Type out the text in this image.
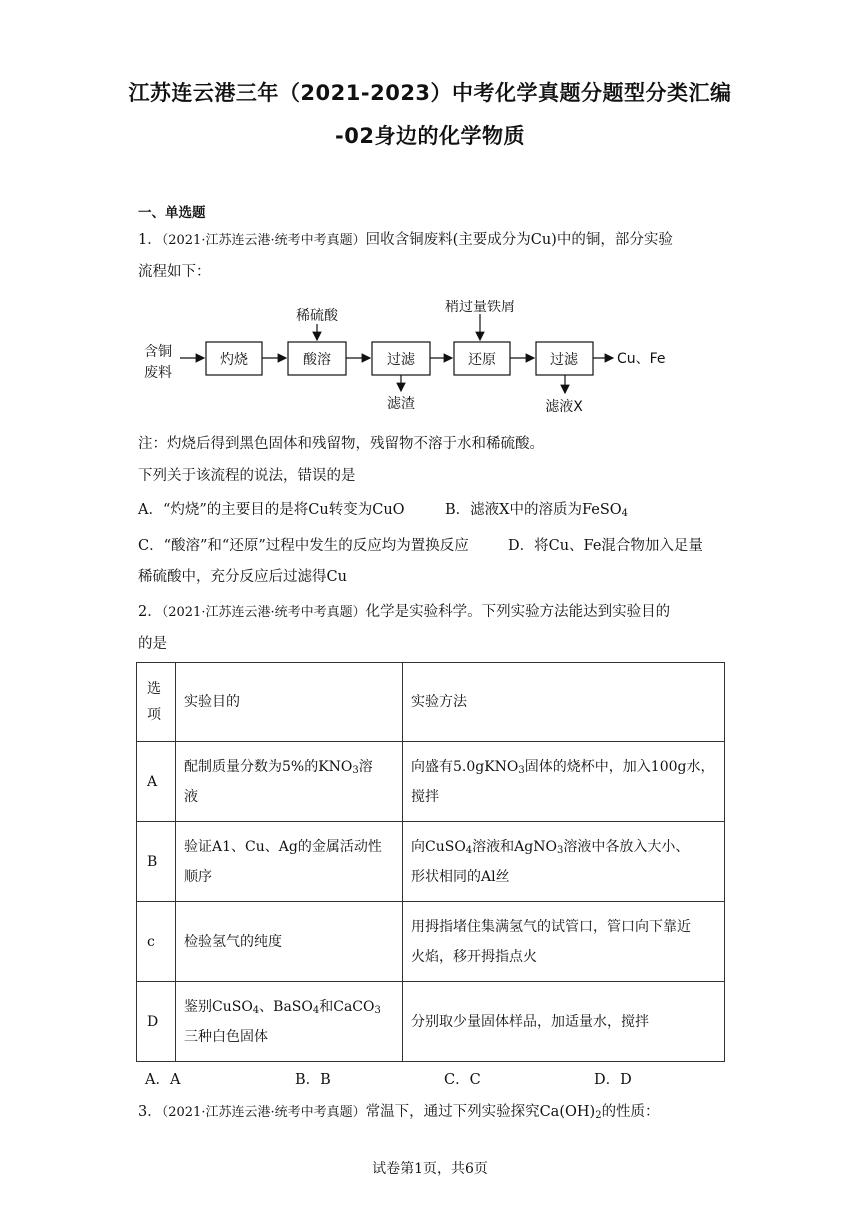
江苏连云港三年（2021-2023）中考化学真题分题型分类汇编
-02身边的化学物质
一、单选题
1．（2021·江苏连云港·统考中考真题）回收含铜废料(主要成分为Cu)中的铜，部分实验
流程如下：
含铜
废料
灼烧	酸溶	过滤	还原	过滤
稀硫酸
稍过量铁屑
滤渣	滤液X
Cu、Fe
注：灼烧后得到黑色固体和残留物，残留物不溶于水和稀硫酸。
下列关于该流程的说法，错误的是
A．“灼烧”的主要目的是将Cu转变为CuO	B．滤液X中的溶质为FeSO$_4$
C．“酸溶”和“还原”过程中发生的反应均为置换反应	D．将Cu、Fe混合物加入足量
稀硫酸中，充分反应后过滤得Cu
2．（2021·江苏连云港·统考中考真题）化学是实验科学。下列实验方法能达到实验目的
的是
选
项	实验目的	实验方法
A	配制质量分数为5%的$KNO_3$溶
液	向盛有5.0gKNO$_3$固体的烧杯中，加入100g水，
搅拌
B	验证A1、Cu、Ag的金属活动性
顺序	向CuSO$_4$溶液和AgNO$_3$溶液中各放入大小、
形状相同的Al丝
c	检验氢气的纯度	用拇指堵住集满氢气的试管口，管口向下靠近
火焰，移开拇指点火
D	鉴别CuSO$_4$、BaSO$_4$和CaCO$_3$
三种白色固体	分别取少量固体样品，加适量水，搅拌
A．A	B．B	C．C	D．D
3．（2021·江苏连云港·统考中考真题）常温下，通过下列实验探究$Ca(OH)_2$的性质：
试卷第1页，共6页
